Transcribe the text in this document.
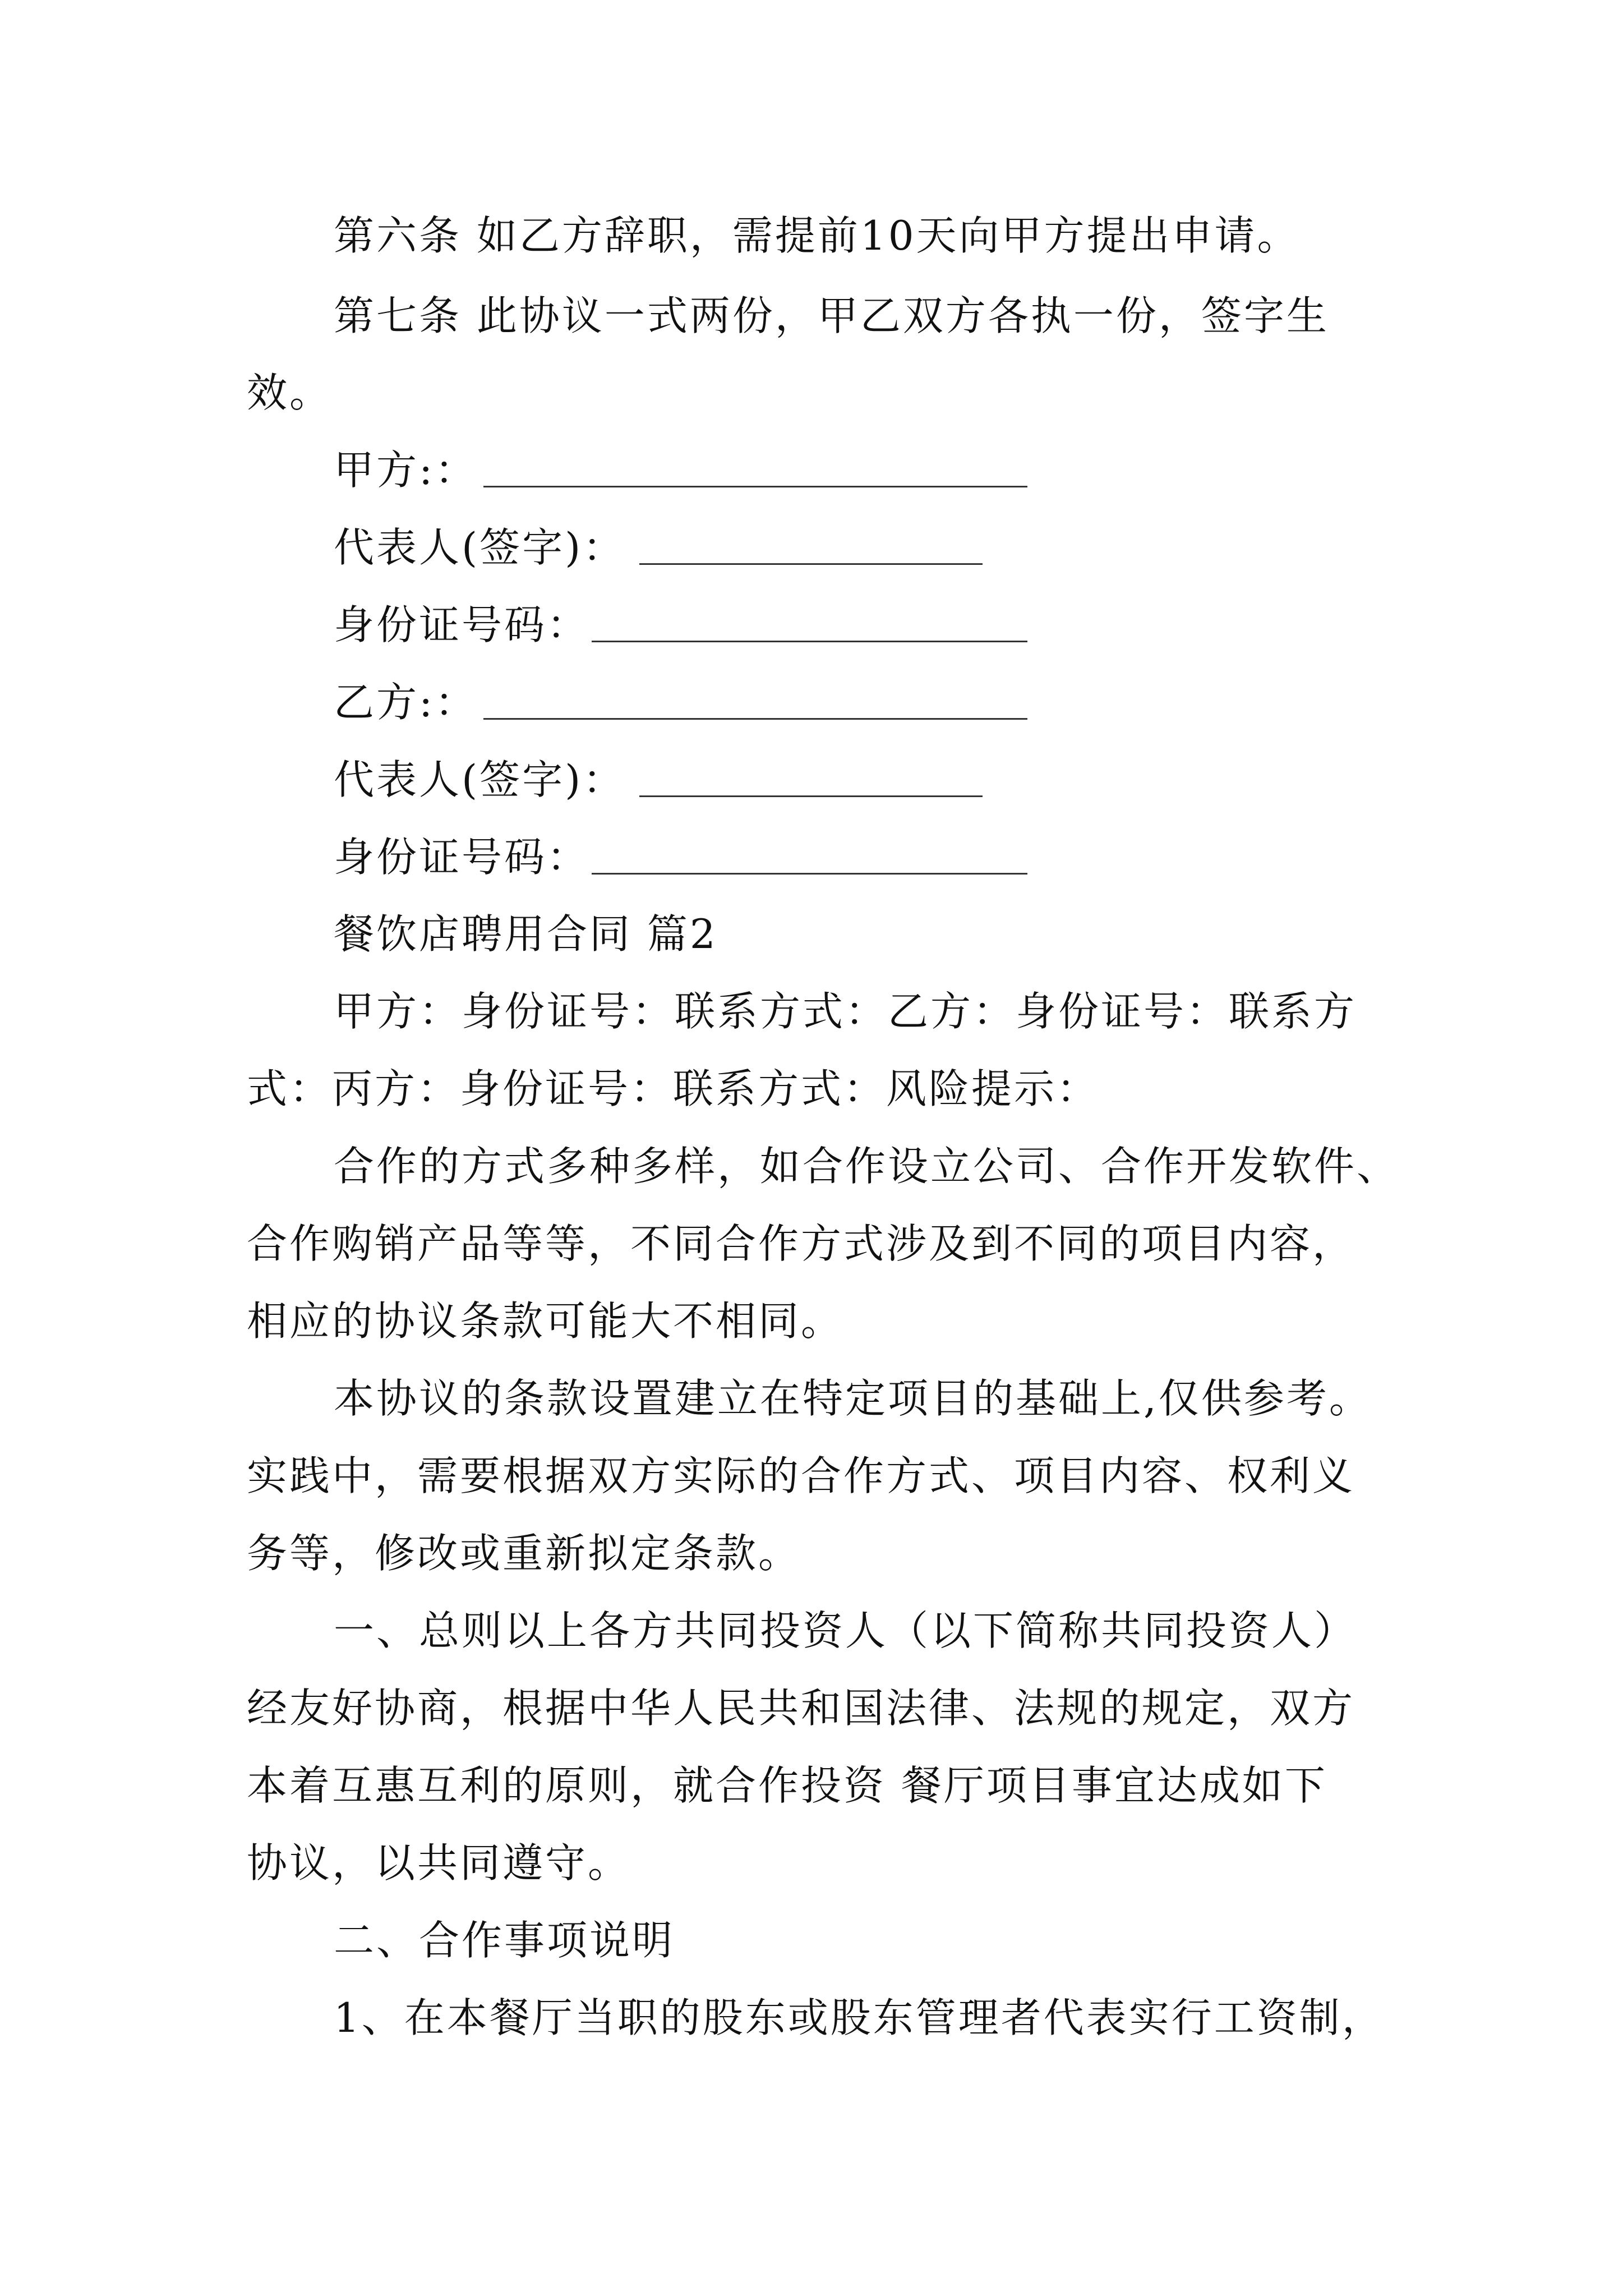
第六条 如乙方辞职，需提前10天向甲方提出申请。
第七条 此协议一式两份，甲乙双方各执一份，签字生
效。
甲方:：
代表人(签字)：
身份证号码：
乙方:：
代表人(签字)：
身份证号码：
餐饮店聘用合同 篇2
甲方：身份证号：联系方式：乙方：身份证号：联系方
式：丙方：身份证号：联系方式：风险提示：
合作的方式多种多样，如合作设立公司、合作开发软件、
合作购销产品等等，不同合作方式涉及到不同的项目内容，
相应的协议条款可能大不相同。
本协议的条款设置建立在特定项目的基础上,仅供参考。
实践中，需要根据双方实际的合作方式、项目内容、权利义
务等，修改或重新拟定条款。
一、总则以上各方共同投资人（以下简称共同投资人）
经友好协商，根据中华人民共和国法律、法规的规定，双方
本着互惠互利的原则，就合作投资 餐厅项目事宜达成如下
协议，以共同遵守。
二、合作事项说明
1、在本餐厅当职的股东或股东管理者代表实行工资制，
